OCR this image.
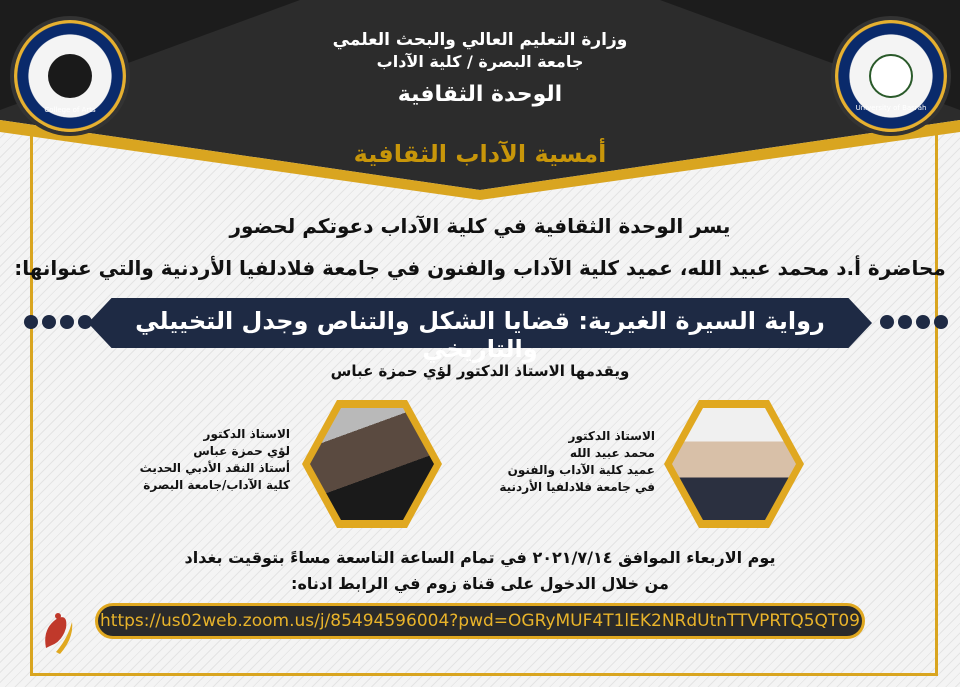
وزارة التعليم العالي والبحث العلمي
جامعة البصرة / كلية الآداب
الوحدة الثقافية
University of Basrah
College of Arts
أمسية الآداب الثقافية
يسر الوحدة الثقافية في كلية الآداب دعوتكم لحضور
محاضرة أ.د محمد عبيد الله، عميد كلية الآداب والفنون في جامعة فلادلفيا الأردنية والتي عنوانها:
رواية السيرة الغيرية: قضايا الشكل والتناص وجدل التخييلي والتاريخي
ويقدمها الاستاذ الدكتور لؤي حمزة عباس
الاستاذ الدكتور
محمد عبيد الله
عميد كلية الآداب والفنون
في جامعة فلادلفيا الأردنية
الاستاذ الدكتور
لؤي حمزة عباس
أستاذ النقد الأدبي الحديث
كلية الآداب/جامعة البصرة
يوم الاربعاء الموافق ٢٠٢١/٧/١٤ في تمام الساعة التاسعة مساءً بتوقيت بغداد
من خلال الدخول على قناة زوم في الرابط ادناه:
https://us02web.zoom.us/j/85494596004?pwd=OGRyMUF4T1lEK2NRdUtnTTVPRTQ5QT09
